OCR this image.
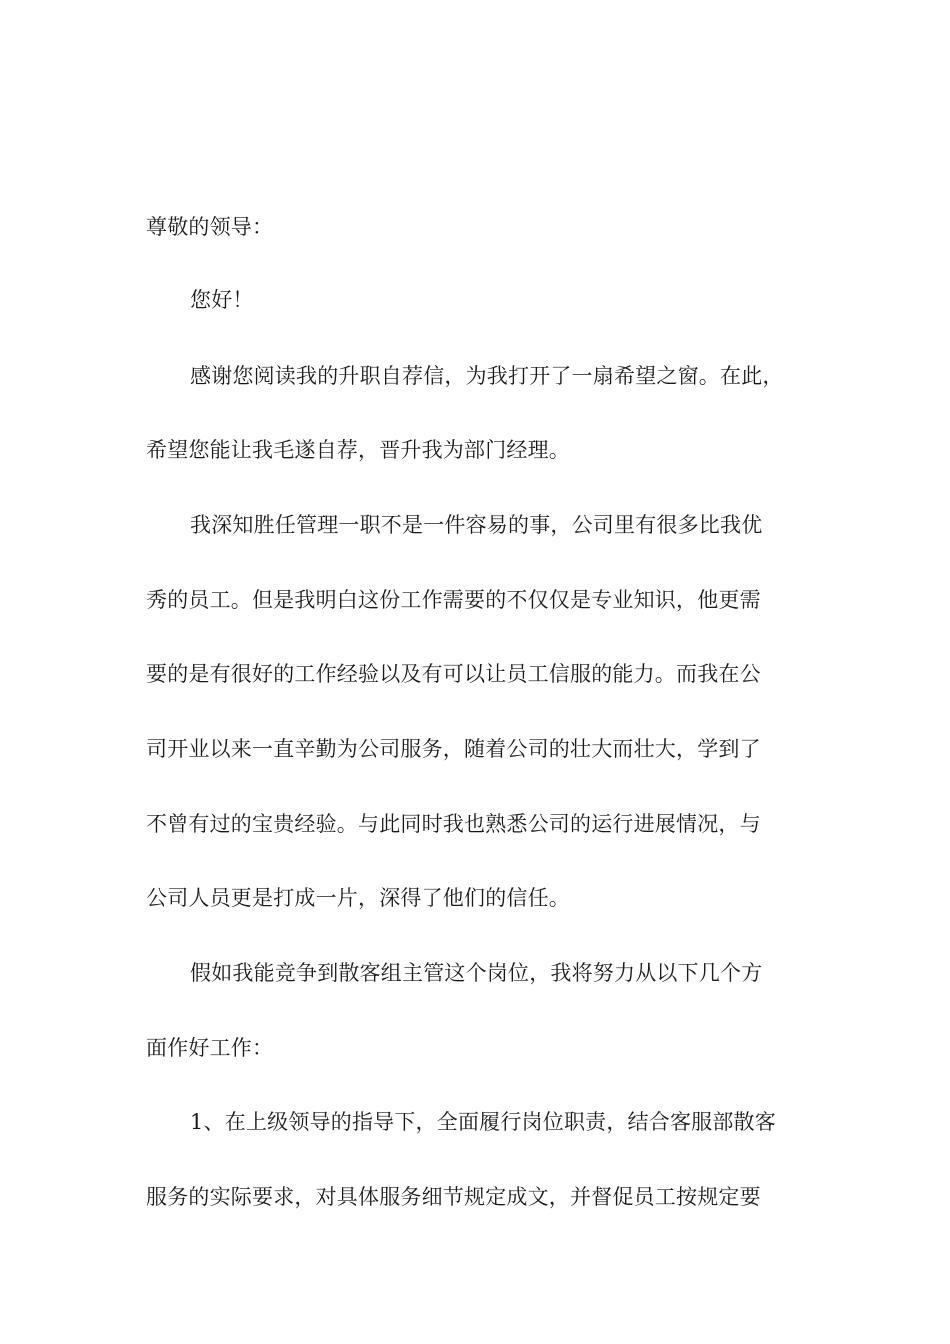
尊敬的领导：
您好！
感谢您阅读我的升职自荐信，为我打开了一扇希望之窗。在此，
希望您能让我毛遂自荐，晋升我为部门经理。
我深知胜任管理一职不是一件容易的事，公司里有很多比我优
秀的员工。但是我明白这份工作需要的不仅仅是专业知识，他更需
要的是有很好的工作经验以及有可以让员工信服的能力。而我在公
司开业以来一直辛勤为公司服务，随着公司的壮大而壮大，学到了
不曾有过的宝贵经验。与此同时我也熟悉公司的运行进展情况，与
公司人员更是打成一片，深得了他们的信任。
假如我能竞争到散客组主管这个岗位，我将努力从以下几个方
面作好工作：
1、在上级领导的指导下，全面履行岗位职责，结合客服部散客
服务的实际要求，对具体服务细节规定成文，并督促员工按规定要
